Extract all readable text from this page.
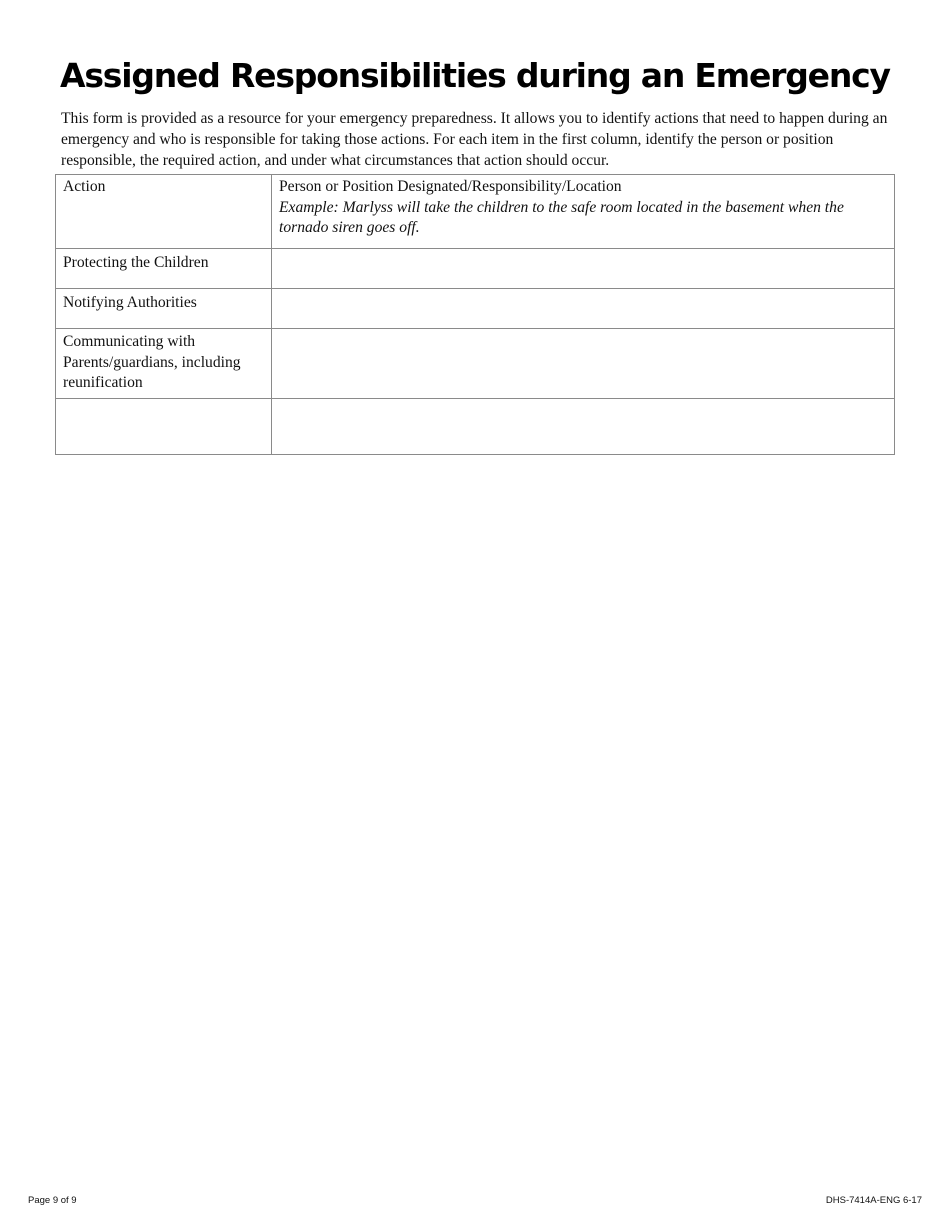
Assigned Responsibilities during an Emergency

This form is provided as a resource for your emergency preparedness. It allows you to identify actions that need to happen during an emergency and who is responsible for taking those actions. For each item in the first column, identify the person or position responsible, the required action, and under what circumstances that action should occur.

Action	Person or Position Designated/Responsibility/Location
Example: Marlyss will take the children to the safe room located in the basement when the tornado siren goes off.

Protecting the Children	
Notifying Authorities	
Communicating with Parents/guardians, including reunification	

Page 9 of 9	DHS-7414A-ENG 6-17
